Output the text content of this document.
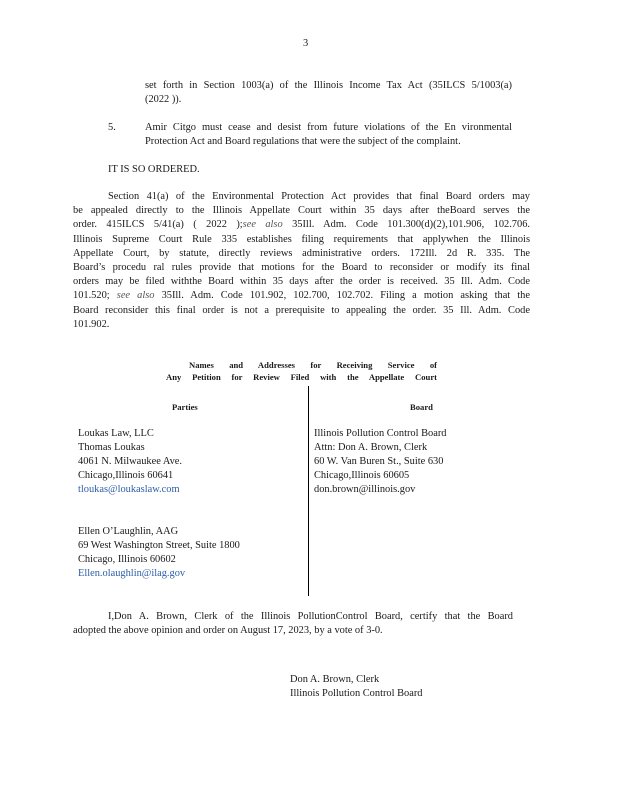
3
set forth in Section 1003(a) of the Illinois Income Tax Act (35ILCS 5/1003(a)
(2022 )).
5.	Amir Citgo must cease and desist from future violations of the En vironmental
Protection Act and Board regulations that were the subject of the complaint.
IT IS SO ORDERED.
Section 41(a) of the Environmental Protection Act provides that final Board orders may
be appealed directly to the Illinois Appellate Court within 35 days after theBoard serves the
order. 415ILCS 5/41(a) ( 2022 );see also 35Ill. Adm. Code 101.300(d)(2),101.906, 102.706.
Illinois Supreme Court Rule 335 establishes filing requirements that applywhen the Illinois
Appellate Court, by statute, directly reviews administrative orders. 172Ill. 2d R. 335. The
Board’s procedu ral rules provide that motions for the Board to reconsider or modify its final
orders may be filed withthe Board within 35 days after the order is received. 35 Ill. Adm. Code
101.520; see also 35Ill. Adm. Code 101.902, 102.700, 102.702. Filing a motion asking that the
Board reconsider this final order is not a prerequisite to appealing the order. 35 Ill. Adm. Code
101.902.
Names and Addresses for Receiving Service of
Any Petition for Review Filed with the Appellate Court
Parties	Board
Loukas Law, LLC
Thomas Loukas
4061 N. Milwaukee Ave.
Chicago,Illinois 60641
tloukas@loukaslaw.com
Ellen O’Laughlin, AAG
69 West Washington Street, Suite 1800
Chicago, Illinois 60602
Ellen.olaughlin@ilag.gov
Illinois Pollution Control Board
Attn: Don A. Brown, Clerk
60 W. Van Buren St., Suite 630
Chicago,Illinois 60605
don.brown@illinois.gov
I,Don A. Brown, Clerk of the Illinois PollutionControl Board, certify that the Board
adopted the above opinion and order on August 17, 2023, by a vote of 3-0.
Don A. Brown, Clerk
Illinois Pollution Control Board
